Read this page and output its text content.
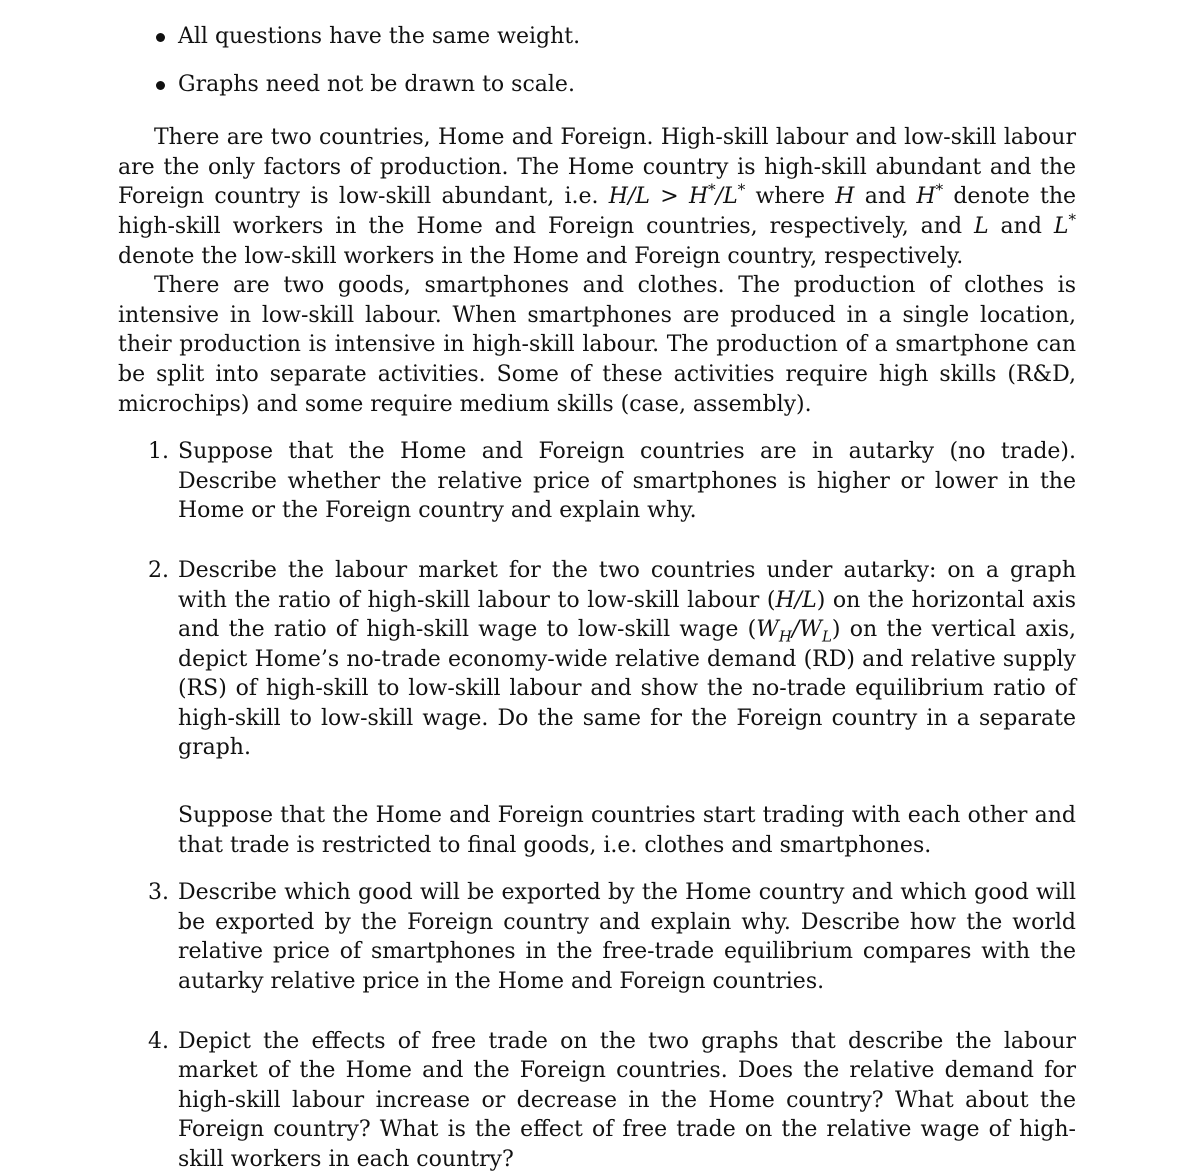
All questions have the same weight.
Graphs need not be drawn to scale.

There are two countries, Home and Foreign. High-skill labour and low-skill labour are the only factors of production. The Home country is high-skill abundant and the Foreign country is low-skill abundant, i.e. H/L > H*/L* where H and H* denote the high-skill workers in the Home and Foreign countries, respectively, and L and L* denote the low-skill workers in the Home and Foreign country, respectively.

There are two goods, smartphones and clothes. The production of clothes is intensive in low-skill labour. When smartphones are produced in a single location, their production is intensive in high-skill labour. The production of a smartphone can be split into separate activities. Some of these activities require high skills (R&D, microchips) and some require medium skills (case, assembly).

1. Suppose that the Home and Foreign countries are in autarky (no trade). Describe whether the relative price of smartphones is higher or lower in the Home or the Foreign country and explain why.
2. Describe the labour market for the two countries under autarky: on a graph with the ratio of high-skill labour to low-skill labour (H/L) on the horizontal axis and the ratio of high-skill wage to low-skill wage $(W_H/W_L)$ on the vertical axis, depict Home’s no-trade economy-wide relative demand (RD) and relative supply (RS) of high-skill to low-skill labour and show the no-trade equilibrium ratio of high-skill to low-skill wage. Do the same for the Foreign country in a separate graph.

Suppose that the Home and Foreign countries start trading with each other and that trade is restricted to final goods, i.e. clothes and smartphones.

3. Describe which good will be exported by the Home country and which good will be exported by the Foreign country and explain why. Describe how the world relative price of smartphones in the free-trade equilibrium compares with the autarky relative price in the Home and Foreign countries.
4. Depict the effects of free trade on the two graphs that describe the labour market of the Home and the Foreign countries. Does the relative demand for high-skill labour increase or decrease in the Home country? What about the Foreign country? What is the effect of free trade on the relative wage of high-skill workers in each country?
